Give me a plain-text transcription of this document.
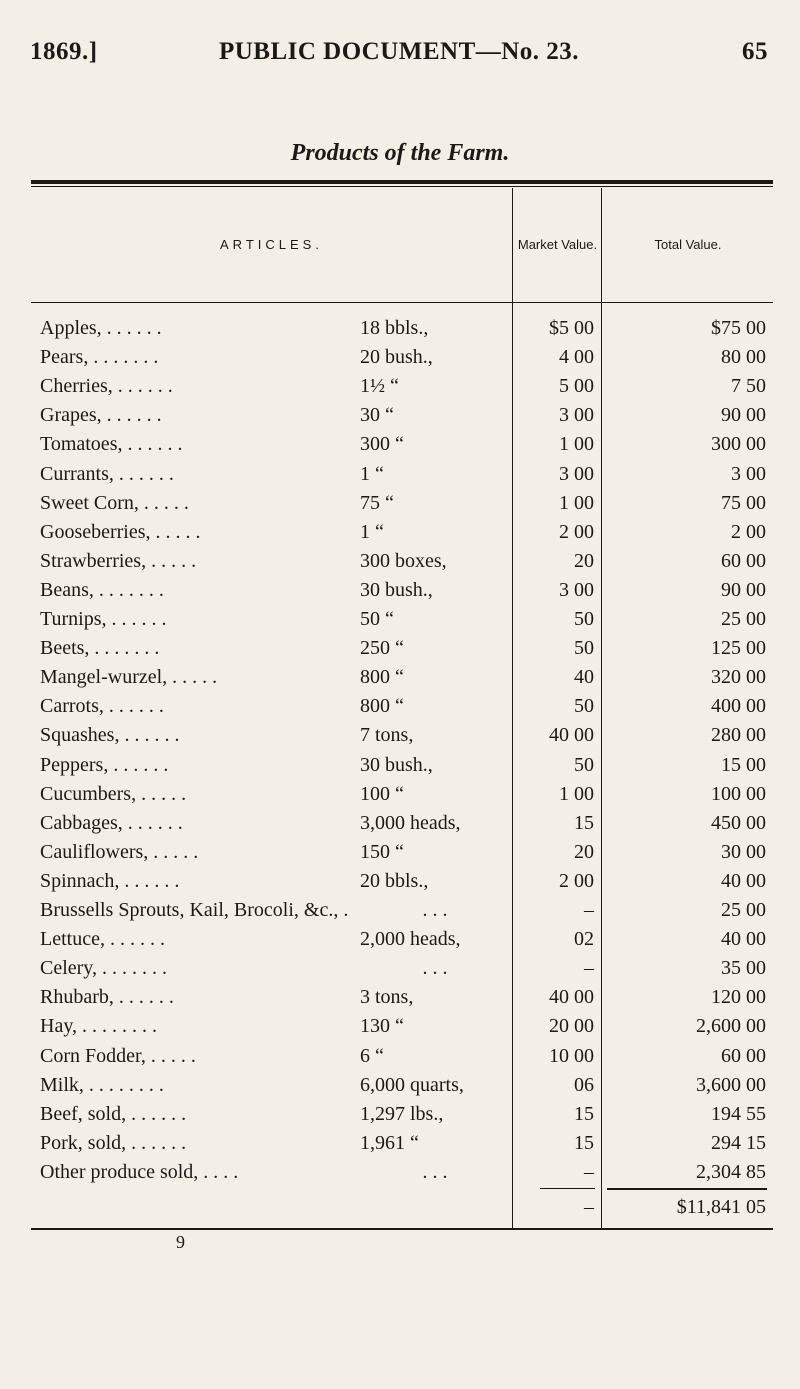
1869.]	PUBLIC DOCUMENT—No. 23.	65
Products of the Farm.
ARTICLES.	Market Value.	Total Value.
Apples, . . . . . .	18 bbls.,	$5 00	$75 00
Pears, . . . . . . .	20 bush.,	4 00	80 00
Cherries, . . . . . .	1½ “	5 00	7 50
Grapes, . . . . . .	30 “	3 00	90 00
Tomatoes, . . . . . .	300 “	1 00	300 00
Currants, . . . . . .	1 “	3 00	3 00
Sweet Corn, . . . . .	75 “	1 00	75 00
Gooseberries, . . . . .	1 “	2 00	2 00
Strawberries, . . . . .	300 boxes,	20	60 00
Beans, . . . . . . .	30 bush.,	3 00	90 00
Turnips, . . . . . .	50 “	50	25 00
Beets, . . . . . . .	250 “	50	125 00
Mangel-wurzel, . . . . .	800 “	40	320 00
Carrots, . . . . . .	800 “	50	400 00
Squashes, . . . . . .	7 tons,	40 00	280 00
Peppers, . . . . . .	30 bush.,	50	15 00
Cucumbers, . . . . .	100 “	1 00	100 00
Cabbages, . . . . . .	3,000 heads,	15	450 00
Cauliflowers, . . . . .	150 “	20	30 00
Spinnach, . . . . . .	20 bbls.,	2 00	40 00
Brussells Sprouts, Kail, Brocoli, &c., .	. . .	–	25 00
Lettuce, . . . . . .	2,000 heads,	02	40 00
Celery, . . . . . . .	. . .	–	35 00
Rhubarb, . . . . . .	3 tons,	40 00	120 00
Hay, . . . . . . . .	130 “	20 00	2,600 00
Corn Fodder, . . . . .	6 “	10 00	60 00
Milk, . . . . . . . .	6,000 quarts,	06	3,600 00
Beef, sold, . . . . . .	1,297 lbs.,	15	194 55
Pork, sold, . . . . . .	1,961 “	15	294 15
Other produce sold, . . . .	. . .	–	2,304 85
–	$11,841 05
9
